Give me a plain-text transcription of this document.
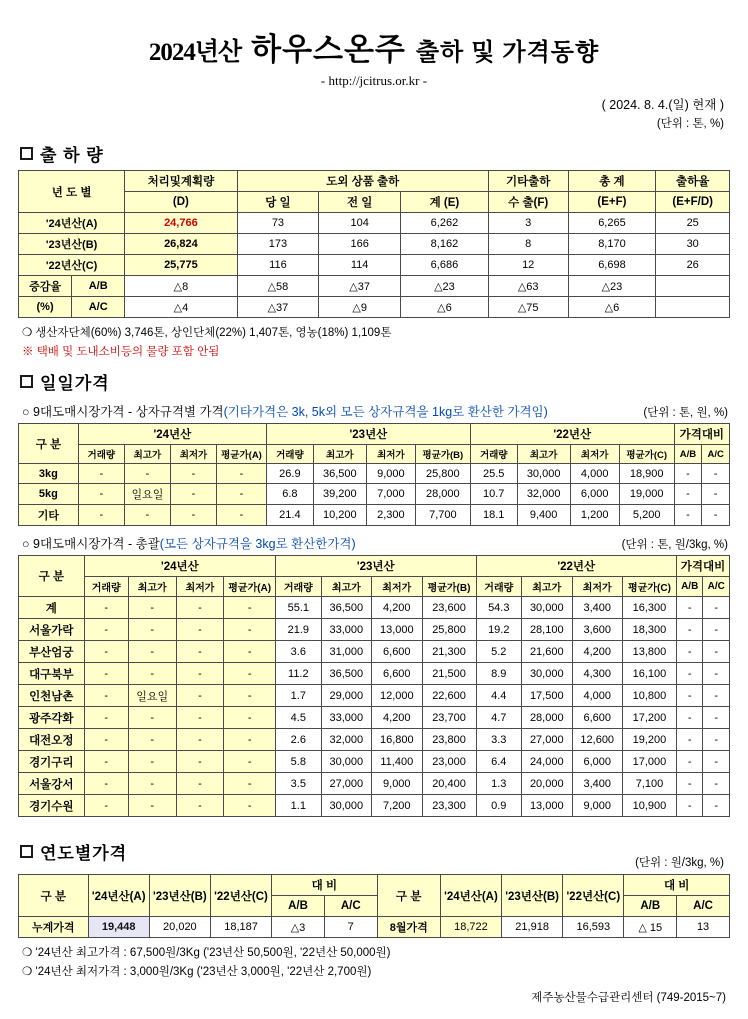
2024년산 하우스온주 출하 및 가격동향
- http://jcitrus.or.kr -
( 2024. 8. 4.(일) 현재 )
(단위 : 톤, %)
출 하 량
년 도 별		처리및계획량	도외 상품 출하			기타출하	총 계	출하율
		(D)	당 일	전 일	계 (E)	수 출(F)	(E+F)	(E+F/D)
'24년산(A)		24,766	73	104	6,262	3	6,265	25
'23년산(B)		26,824	173	166	8,162	8	8,170	30
'22년산(C)		25,775	116	114	6,686	12	6,698	26
증감율	A/B	△8	△58	△37	△23	△63	△23	
(%)	A/C	△4	△37	△9	△6	△75	△6	
❍ 생산자단체(60%) 3,746톤, 상인단체(22%) 1,407톤, 영농(18%) 1,109톤
※ 택배 및 도내소비등의 물량 포함 안됨
일일가격
○ 9대도매시장가격 - 상자규격별 가격(기타가격은 3k, 5k외 모든 상자규격을 1kg로 환산한 가격임)	(단위 : 톤, 원, %)
구 분	'24년산				'23년산				'22년산				가격대비	
	거래량	최고가	최저가	평균가(A)	거래량	최고가	최저가	평균가(B)	거래량	최고가	최저가	평균가(C)	A/B	A/C
3kg	-	-	-	-	26.9	36,500	9,000	25,800	25.5	30,000	4,000	18,900	-	-
5kg	-	일요일	-	-	6.8	39,200	7,000	28,000	10.7	32,000	6,000	19,000	-	-
기타	-	-	-	-	21.4	10,200	2,300	7,700	18.1	9,400	1,200	5,200	-	-
○ 9대도매시장가격 - 총괄(모든 상자규격을 3kg로 환산한가격)	(단위 : 톤, 원/3kg, %)
구 분	'24년산				'23년산				'22년산				가격대비	
	거래량	최고가	최저가	평균가(A)	거래량	최고가	최저가	평균가(B)	거래량	최고가	최저가	평균가(C)	A/B	A/C
계	-	-	-	-	55.1	36,500	4,200	23,600	54.3	30,000	3,400	16,300	-	-
서울가락	-	-	-	-	21.9	33,000	13,000	25,800	19.2	28,100	3,600	18,300	-	-
부산엄궁	-	-	-	-	3.6	31,000	6,600	21,300	5.2	21,600	4,200	13,800	-	-
대구북부	-	-	-	-	11.2	36,500	6,600	21,500	8.9	30,000	4,300	16,100	-	-
인천남촌	-	일요일	-	-	1.7	29,000	12,000	22,600	4.4	17,500	4,000	10,800	-	-
광주각화	-	-	-	-	4.5	33,000	4,200	23,700	4.7	28,000	6,600	17,200	-	-
대전오정	-	-	-	-	2.6	32,000	16,800	23,800	3.3	27,000	12,600	19,200	-	-
경기구리	-	-	-	-	5.8	30,000	11,400	23,000	6.4	24,000	6,000	17,000	-	-
서울강서	-	-	-	-	3.5	27,000	9,000	20,400	1.3	20,000	3,400	7,100	-	-
경기수원	-	-	-	-	1.1	30,000	7,200	23,300	0.9	13,000	9,000	10,900	-	-
연도별가격	(단위 : 원/3kg, %)
구 분	'24년산(A)	'23년산(B)	'22년산(C)	대 비		구 분	'24년산(A)	'23년산(B)	'22년산(C)	대 비	
				A/B	A/C					A/B	A/C
누계가격	19,448	20,020	18,187	△3	7	8월가격	18,722	21,918	16,593	△ 15	13
❍ '24년산 최고가격 : 67,500원/3Kg ('23년산 50,500원, '22년산 50,000원)
❍ '24년산 최저가격 : 3,000원/3Kg ('23년산 3,000원, '22년산 2,700원)
제주농산물수급관리센터 (749-2015~7)
